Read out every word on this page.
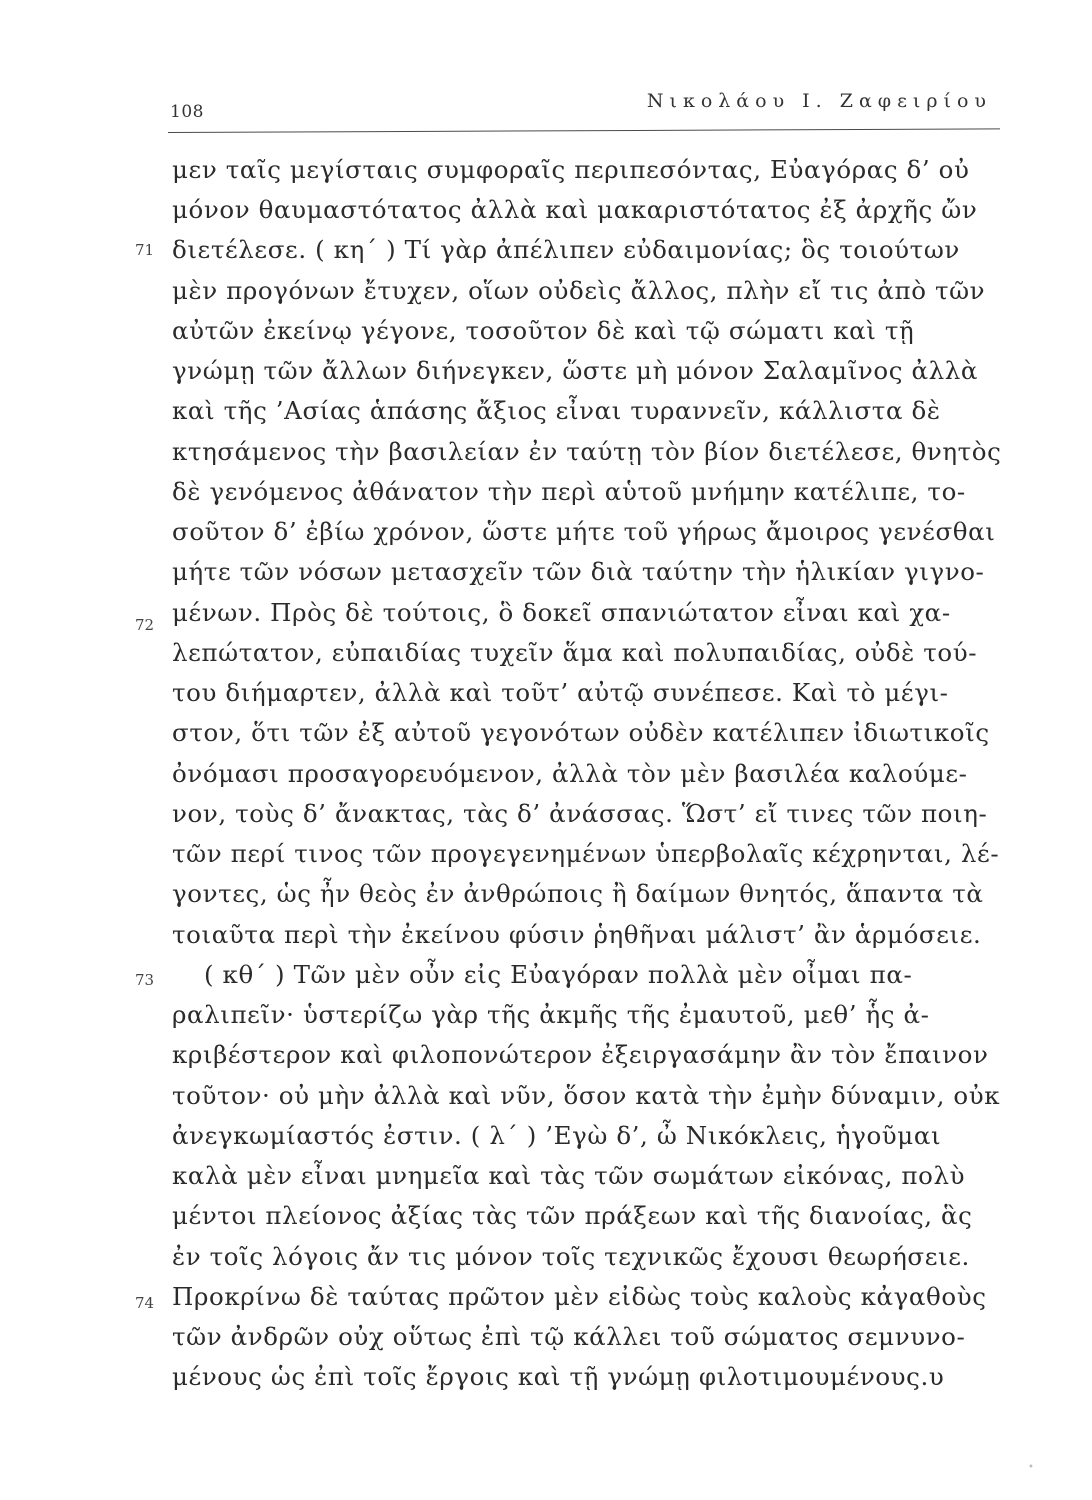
108	Νικολάου Ι. Ζαφειρίου
71
72
73
74
μεν ταῖς μεγίσταις συμφοραῖς περιπεσόντας, Εὐαγόρας δ’ οὐ
μόνον θαυμαστότατος ἀλλὰ καὶ μακαριστότατος ἐξ ἀρχῆς ὤν
διετέλεσε. ( κη΄ ) Τί γὰρ ἀπέλιπεν εὐδαιμονίας; ὃς τοιούτων
μὲν προγόνων ἔτυχεν, οἵων οὐδεὶς ἄλλος, πλὴν εἴ τις ἀπὸ τῶν
αὐτῶν ἐκείνῳ γέγονε, τοσοῦτον δὲ καὶ τῷ σώματι καὶ τῇ
γνώμῃ τῶν ἄλλων διήνεγκεν, ὥστε μὴ μόνον Σαλαμῖνος ἀλλὰ
καὶ τῆς ’Ασίας ἁπάσης ἄξιος εἶναι τυραννεῖν, κάλλιστα δὲ
κτησάμενος τὴν βασιλείαν ἐν ταύτῃ τὸν βίον διετέλεσε, θνητὸς
δὲ γενόμενος ἀθάνατον τὴν περὶ αὑτοῦ μνήμην κατέλιπε, το-
σοῦτον δ’ ἐβίω χρόνον, ὥστε μήτε τοῦ γήρως ἄμοιρος γενέσθαι
μήτε τῶν νόσων μετασχεῖν τῶν διὰ ταύτην τὴν ἡλικίαν γιγνο-
μένων. Πρὸς δὲ τούτοις, ὃ δοκεῖ σπανιώτατον εἶναι καὶ χα-
λεπώτατον, εὐπαιδίας τυχεῖν ἅμα καὶ πολυπαιδίας, οὐδὲ τού-
του διήμαρτεν, ἀλλὰ καὶ τοῦτ’ αὐτῷ συνέπεσε. Καὶ τὸ μέγι-
στον, ὅτι τῶν ἐξ αὐτοῦ γεγονότων οὐδὲν κατέλιπεν ἰδιωτικοῖς
ὀνόμασι προσαγορευόμενον, ἀλλὰ τὸν μὲν βασιλέα καλούμε-
νον, τοὺς δ’ ἄνακτας, τὰς δ’ ἀνάσσας. Ὥστ’ εἴ τινες τῶν ποιη-
τῶν περί τινος τῶν προγεγενημένων ὑπερβολαῖς κέχρηνται, λέ-
γοντες, ὡς ἦν θεὸς ἐν ἀνθρώποις ἢ δαίμων θνητός, ἅπαντα τὰ
τοιαῦτα περὶ τὴν ἐκείνου φύσιν ῥηθῆναι μάλιστ’ ἂν ἁρμόσειε.
( κθ΄ ) Τῶν μὲν οὖν εἰς Εὐαγόραν πολλὰ μὲν οἶμαι πα-
ραλιπεῖν· ὑστερίζω γὰρ τῆς ἀκμῆς τῆς ἐμαυτοῦ, μεθ’ ἧς ἀ-
κριβέστερον καὶ φιλοπονώτερον ἐξειργασάμην ἂν τὸν ἔπαινον
τοῦτον· οὐ μὴν ἀλλὰ καὶ νῦν, ὅσον κατὰ τὴν ἐμὴν δύναμιν, οὐκ
ἀνεγκωμίαστός ἐστιν. ( λ΄ ) ’Εγὼ δ’, ὦ Νικόκλεις, ἡγοῦμαι
καλὰ μὲν εἶναι μνημεῖα καὶ τὰς τῶν σωμάτων εἰκόνας, πολὺ
μέντοι πλείονος ἀξίας τὰς τῶν πράξεων καὶ τῆς διανοίας, ἃς
ἐν τοῖς λόγοις ἄν τις μόνον τοῖς τεχνικῶς ἔχουσι θεωρήσειε.
Προκρίνω δὲ ταύτας πρῶτον μὲν εἰδὼς τοὺς καλοὺς κἀγαθοὺς
τῶν ἀνδρῶν οὐχ οὕτως ἐπὶ τῷ κάλλει τοῦ σώματος σεμνυνο-
μένους ὡς ἐπὶ τοῖς ἔργοις καὶ τῇ γνώμῃ φιλοτιμουμένους.υ
•
